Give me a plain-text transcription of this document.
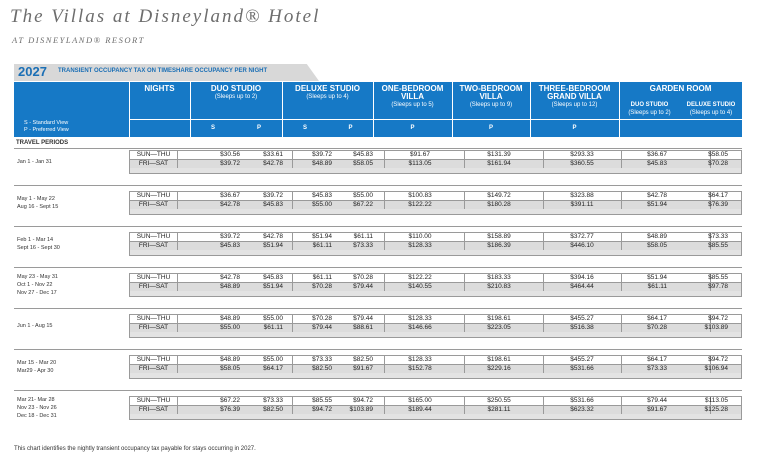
The Villas at Disneyland® Hotel
AT DISNEYLAND® RESORT
2027 TRANSIENT OCCUPANCY TAX ON TIMESHARE OCCUPANCY PER NIGHT
S - Standard View
P - Preferred View
NIGHTS	DUO STUDIO
(Sleeps up to 2)
DELUXE STUDIO
(Sleeps up to 4)
ONE-BEDROOM
VILLA
(Sleeps up to 5)
TWO-BEDROOM
VILLA
(Sleeps up to 9)
THREE-BEDROOM
GRAND VILLA
(Sleeps up to 12)
GARDEN ROOM
DUO STUDIO
(Sleeps up to 2)
DELUXE STUDIO
(Sleeps up to 4)
S	P	S	P	P	P	P
TRAVEL PERIODS
Jan 1 - Jan 31
SUN—THU	$30.56	$33.61	$39.72	$45.83	$91.67	$131.39	$293.33	$36.67	$58.05
FRI—SAT	$39.72	$42.78	$48.89	$58.05	$113.05	$161.94	$360.55	$45.83	$70.28
May 1 - May 22
Aug 16 - Sept 15
SUN—THU	$36.67	$39.72	$45.83	$55.00	$100.83	$149.72	$323.88	$42.78	$64.17
FRI—SAT	$42.78	$45.83	$55.00	$67.22	$122.22	$180.28	$391.11	$51.94	$76.39
Feb 1 - Mar 14
Sept 16 - Sept 30
SUN—THU	$39.72	$42.78	$51.94	$61.11	$110.00	$158.89	$372.77	$48.89	$73.33
FRI—SAT	$45.83	$51.94	$61.11	$73.33	$128.33	$186.39	$446.10	$58.05	$85.55
May 23 - May 31
Oct 1 - Nov 22
Nov 27 - Dec 17
SUN—THU	$42.78	$45.83	$61.11	$70.28	$122.22	$183.33	$394.16	$51.94	$85.55
FRI—SAT	$48.89	$51.94	$70.28	$79.44	$140.55	$210.83	$464.44	$61.11	$97.78
Jun 1 - Aug 15
SUN—THU	$48.89	$55.00	$70.28	$79.44	$128.33	$198.61	$455.27	$64.17	$94.72
FRI—SAT	$55.00	$61.11	$79.44	$88.61	$146.66	$223.05	$516.38	$70.28	$103.89
Mar 15 - Mar 20
Mar29 - Apr 30
SUN—THU	$48.89	$55.00	$73.33	$82.50	$128.33	$198.61	$455.27	$64.17	$94.72
FRI—SAT	$58.05	$64.17	$82.50	$91.67	$152.78	$229.16	$531.66	$73.33	$106.94
Mar 21- Mar 28
Nov 23 - Nov 26
Dec 18 - Dec 31
SUN—THU	$67.22	$73.33	$85.55	$94.72	$165.00	$250.55	$531.66	$79.44	$113.05
FRI—SAT	$76.39	$82.50	$94.72	$103.89	$189.44	$281.11	$623.32	$91.67	$125.28
This chart identifies the nightly transient occupancy tax payable for stays occurring in 2027.
